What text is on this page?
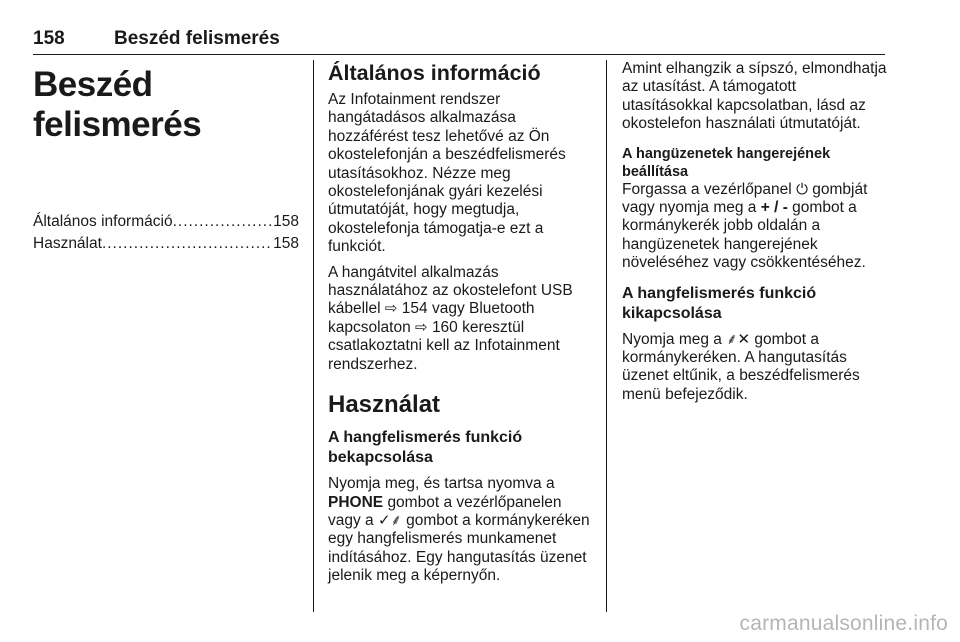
158	Beszéd felismerés
Beszéd felismerés
Általános információ .....	158
Használat .....	158
Általános információ

Az Infotainment rendszer hangátadásos alkalmazása hozzáférést tesz lehetővé az Ön okostelefonján a beszédfelismerés utasításokhoz. Nézze meg okostelefonjának gyári kezelési útmutatóját, hogy megtudja, okostelefonja támogatja-e ezt a funkciót.

A hangátvitel alkalmazás használatához az okostelefont USB kábellel ⇨ 154 vagy Bluetooth kapcsolaton ⇨ 160 keresztül csatlakoztatni kell az Infotainment rendszerhez.

Használat
A hangfelismerés funkció bekapcsolása

Nyomja meg, és tartsa nyomva a PHONE gombot a vezérlőpanelen vagy a ✓⸙ gombot a kormánykeréken egy hangfelismerés munkamenet indításához. Egy hangutasítás üzenet jelenik meg a képernyőn.

Amint elhangzik a sípszó, elmondhatja az utasítást. A támogatott utasításokkal kapcsolatban, lásd az okostelefon használati útmutatóját.

A hangüzenetek hangerejének beállítása

Forgassa a vezérlőpanel ⏻ gombját vagy nyomja meg a + / - gombot a kormánykerék jobb oldalán a hangüzenetek hangerejének növeléséhez vagy csökkentéséhez.

A hangfelismerés funkció kikapcsolása

Nyomja meg a ⸙✕ gombot a kormánykeréken. A hangutasítás üzenet eltűnik, a beszédfelismerés menü befejeződik.

carmanualsonline.info
